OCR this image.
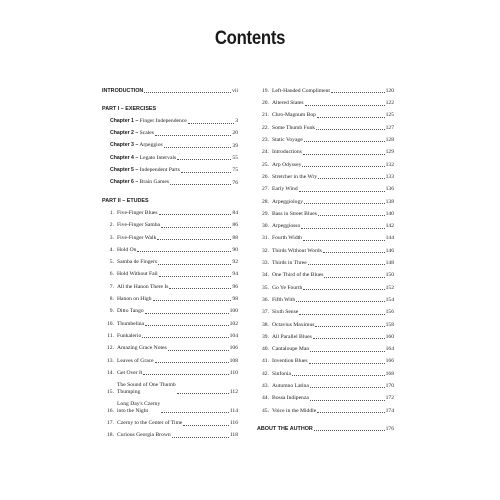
Contents
INTRODUCTION	vii
PART I – EXERCISES
Chapter 1 – Finger Independence	3
Chapter 2 – Scales	20
Chapter 3 – Arpeggios	39
Chapter 4 – Legato Intervals	55
Chapter 5 – Independent Parts	75
Chapter 6 – Brain Games	76
PART II – ETUDES
1. Five-Finger Blues	84
2. Five-Finger Samba	86
3. Five-Finger Walk	88
4. Hold On	90
5. Samba de Fingers	92
6. Hold Without Fail	94
7. All the Hanon There Is	96
8. Hanon on High	98
9. Ditto Tango	100
10. Thumbelina	102
11. Funkalerio	104
12. Amazing Grace Notes	106
13. Leaves of Grace	108
14. Get Over It	110
15.
The Sound of One Thumb
Thumping	112
16.
Long Day's Czerny
into the Night	114
17. Czerny to the Center of Time	116
18. Curious Georgia Brown	118
19. Left-Handed Compliment	120
20. Altered States	122
21. Chro-Magnum Bop	125
22. Some Thumb Funk	127
23. Static Voyage	128
24. Introductions	129
25. Arp Odyssey	132
26. Stretcher in the Wry	133
27. Early Wind	136
28. Arpeggiology	138
29. Bass in Street Blues	140
30. Arpeggiosso	142
31. Fourth Width	144
32. Thirds Without Words	146
33. Thirds in Three	148
34. One Third of the Blues	150
35. Go Ye Fourth	152
36. Fifth With	154
37. Sixth Sense	156
38. Octavius Maximus	158
39. All Parallel Blues	160
40. Cantaloupe Man	164
41. Invention Blues	166
42. Sinfonia	168
43. Autumno Latina	170
44. Bossa Indipenza	172
45. Voice in the Middle	174
ABOUT THE AUTHOR	176
